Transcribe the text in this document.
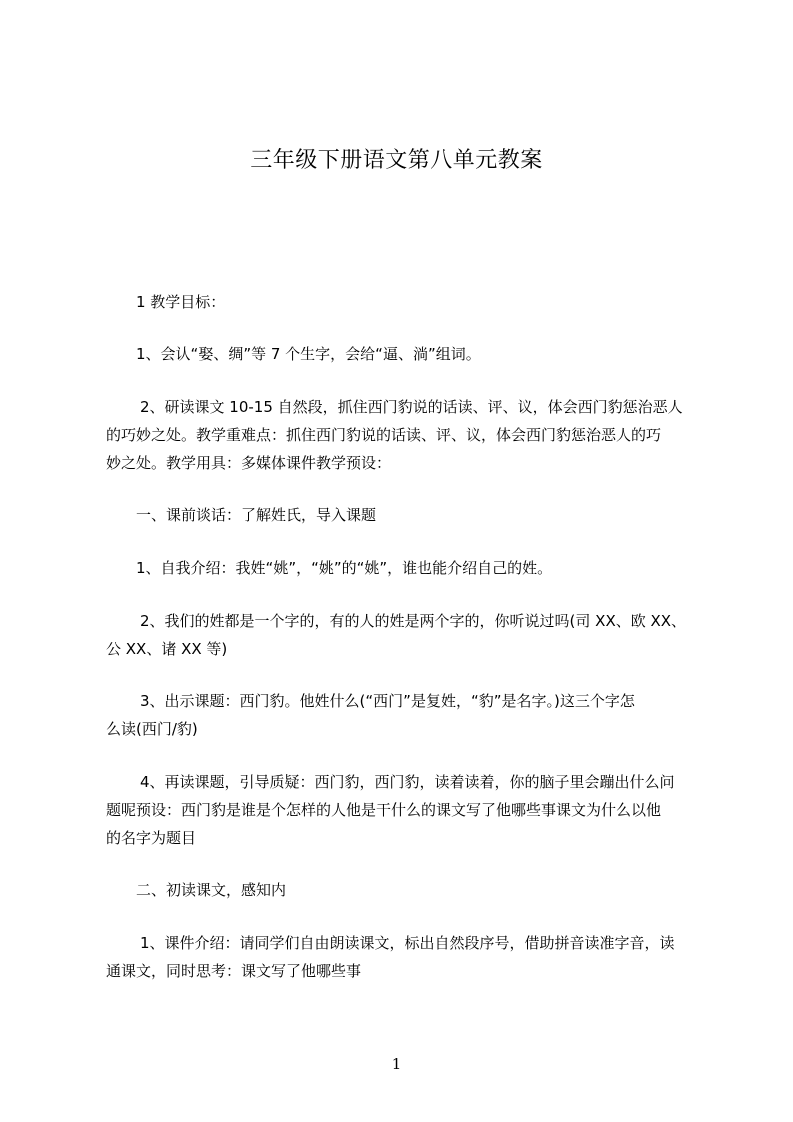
三年级下册语文第八单元教案
1 教学目标：
1、会认“娶、绸”等 7 个生字，会给“逼、淌”组词。
2、研读课文 10-15 自然段，抓住西门豹说的话读、评、议，体会西门豹惩治恶人
的巧妙之处。教学重难点：抓住西门豹说的话读、评、议，体会西门豹惩治恶人的巧
妙之处。教学用具：多媒体课件教学预设：
一、课前谈话：了解姓氏，导入课题
1、自我介绍：我姓“姚”，“姚”的“姚”，谁也能介绍自己的姓。
2、我们的姓都是一个字的，有的人的姓是两个字的，你听说过吗(司 XX、欧 XX、
公 XX、诸 XX 等)
3、出示课题：西门豹。他姓什么(“西门”是复姓，“豹”是名字。)这三个字怎
么读(西门/豹)
4、再读课题，引导质疑：西门豹，西门豹，读着读着，你的脑子里会蹦出什么问
题呢预设：西门豹是谁是个怎样的人他是干什么的课文写了他哪些事课文为什么以他
的名字为题目
二、初读课文，感知内
1、课件介绍：请同学们自由朗读课文，标出自然段序号，借助拼音读准字音，读
通课文，同时思考：课文写了他哪些事
1
